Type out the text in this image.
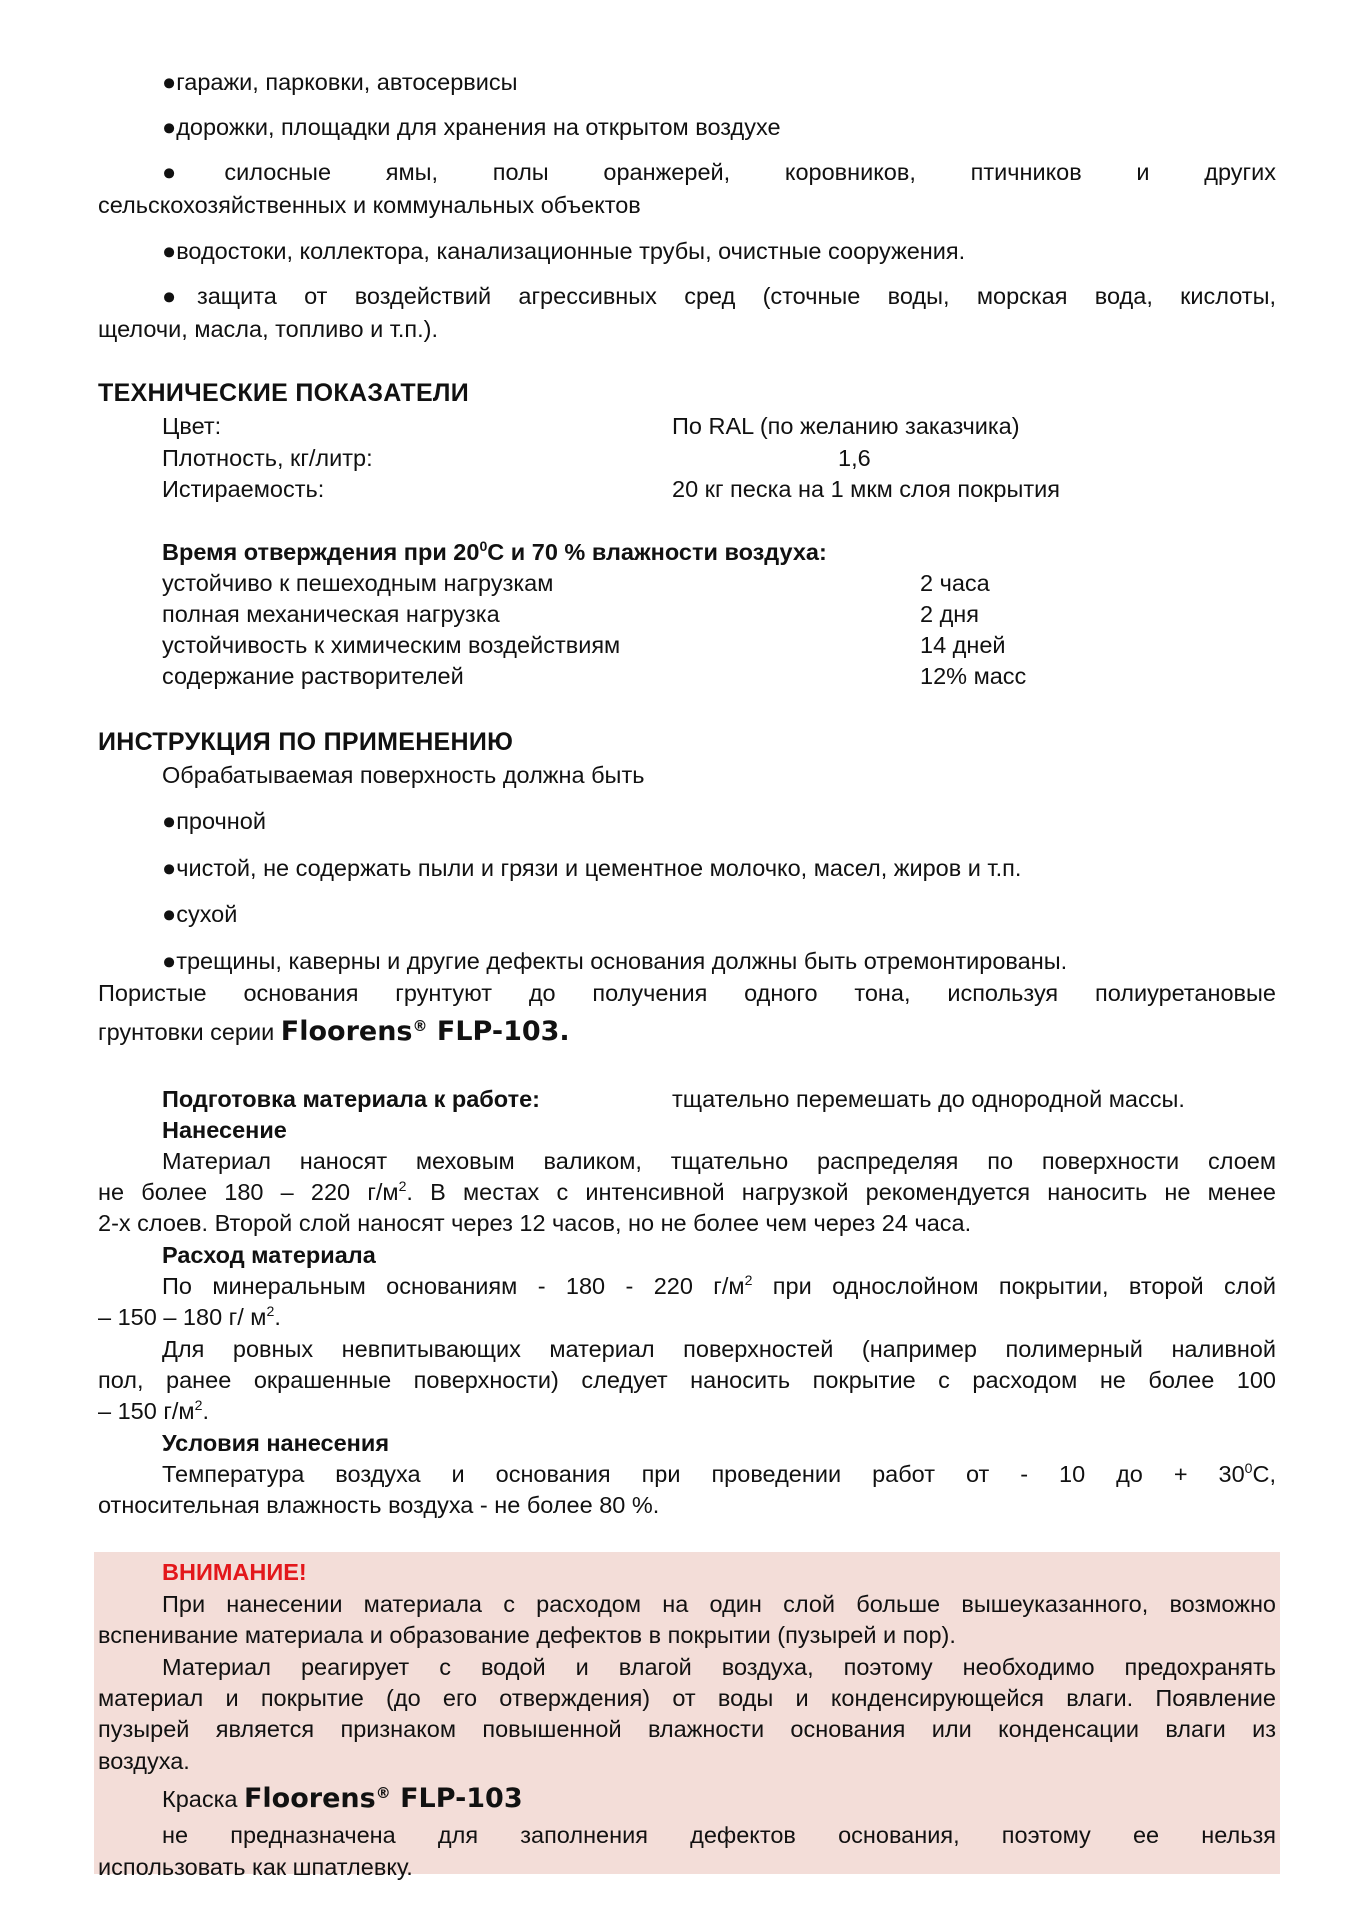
●гаражи, парковки, автосервисы
●дорожки, площадки для хранения на открытом воздухе
●силосные ямы, полы оранжерей, коровников, птичников и других
сельскохозяйственных и коммунальных объектов
●водостоки, коллектора, канализационные трубы, очистные сооружения.
●защита от воздействий агрессивных сред (сточные воды, морская вода, кислоты,
щелочи, масла, топливо и т.п.).
ТЕХНИЧЕСКИЕ ПОКАЗАТЕЛИ
Цвет:	По RAL (по желанию заказчика)
Плотность, кг/литр:	1,6
Истираемость:	20 кг песка на 1 мкм слоя покрытия
Время отверждения при $20^0С$ и 70 % влажности воздуха:
устойчиво к пешеходным нагрузкам	2 часа
полная механическая нагрузка	2 дня
устойчивость к химическим воздействиям	14 дней
содержание растворителей	12% масс
ИНСТРУКЦИЯ ПО ПРИМЕНЕНИЮ
Обрабатываемая поверхность должна быть
●прочной
●чистой, не содержать пыли и грязи и цементное молочко, масел, жиров и т.п.
●сухой
●трещины, каверны и другие дефекты основания должны быть отремонтированы.
Пористые основания грунтуют до получения одного тона, используя полиуретановые
грунтовки серии Floorens® FLP-103.
Подготовка материала к работе:	тщательно перемешать до однородной массы.
Нанесение
Материал наносят меховым валиком, тщательно распределяя по поверхности слоем
не более 180 – 220 $г/м^2$. В местах с интенсивной нагрузкой рекомендуется наносить не менее
2-х слоев. Второй слой наносят через 12 часов, но не более чем через 24 часа.
Расход материала
По минеральным основаниям - 180 - 220 $г/м^2$ при однослойном покрытии, второй слой
– 150 – 180 г/ $м^2$.
Для ровных невпитывающих материал поверхностей (например полимерный наливной
пол, ранее окрашенные поверхности) следует наносить покрытие с расходом не более 100
– 150 $г/м^2$.
Условия нанесения
Температура воздуха и основания при проведении работ от - 10 до + $30^0С$,
относительная влажность воздуха - не более 80 %.
ВНИМАНИЕ!
При нанесении материала с расходом на один слой больше вышеуказанного, возможно
вспенивание материала и образование дефектов в покрытии (пузырей и пор).
Материал реагирует с водой и влагой воздуха, поэтому необходимо предохранять
материал и покрытие (до его отверждения) от воды и конденсирующейся влаги. Появление
пузырей является признаком повышенной влажности основания или конденсации влаги из
воздуха.
Краска Floorens® FLP-103
не предназначена для заполнения дефектов основания, поэтому ее нельзя
использовать как шпатлевку.
